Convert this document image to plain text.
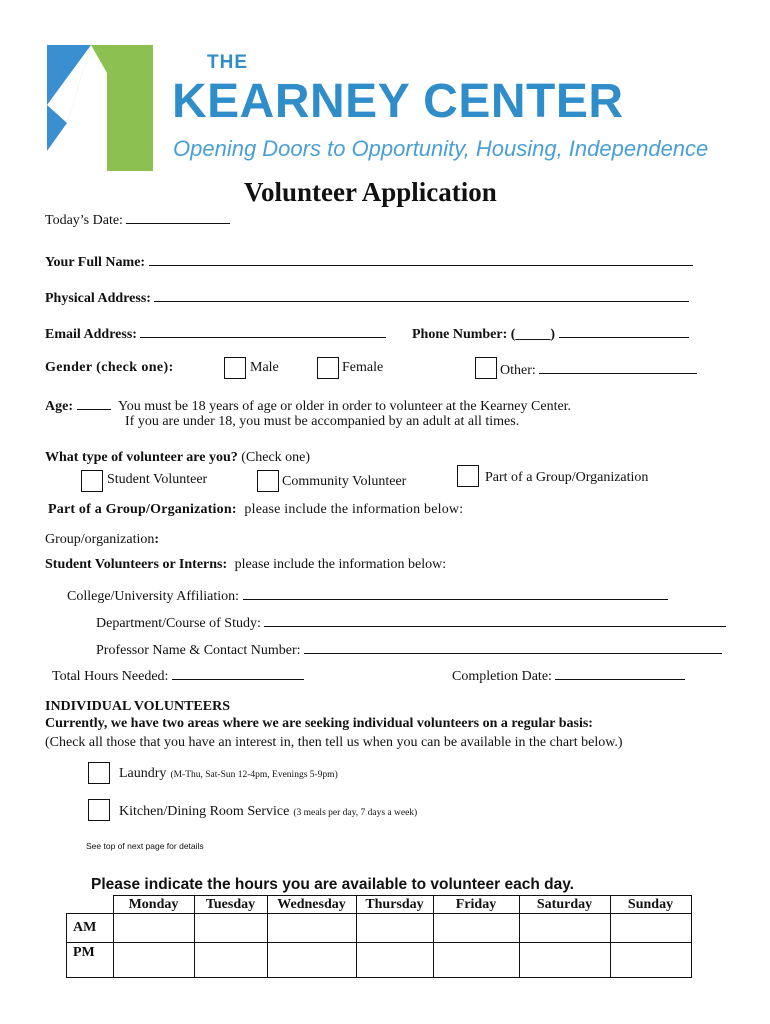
THE
KEARNEY CENTER
Opening Doors to Opportunity, Housing, Independence
Volunteer Application
Today’s Date:
Your Full Name:
Physical Address:
Email Address:	Phone Number: (_____)
Gender (check one):	Male	Female	Other:
Age:	You must be 18 years of age or older in order to volunteer at the Kearney Center.
If you are under 18, you must be accompanied by an adult at all times.
What type of volunteer are you? (Check one)
Student Volunteer	Community Volunteer	Part of a Group/Organization
Part of a Group/Organization: please include the information below:
Group/organization:
Student Volunteers or Interns: please include the information below:
College/University Affiliation:
Department/Course of Study:
Professor Name & Contact Number:
Total Hours Needed:	Completion Date:
INDIVIDUAL VOLUNTEERS
Currently, we have two areas where we are seeking individual volunteers on a regular basis:
(Check all those that you have an interest in, then tell us when you can be available in the chart below.)
Laundry (M-Thu, Sat-Sun 12-4pm, Evenings 5-9pm)
Kitchen/Dining Room Service (3 meals per day, 7 days a week)
See top of next page for details
Please indicate the hours you are available to volunteer each day.
	Monday	Tuesday	Wednesday	Thursday	Friday	Saturday	Sunday
AM							
PM							
